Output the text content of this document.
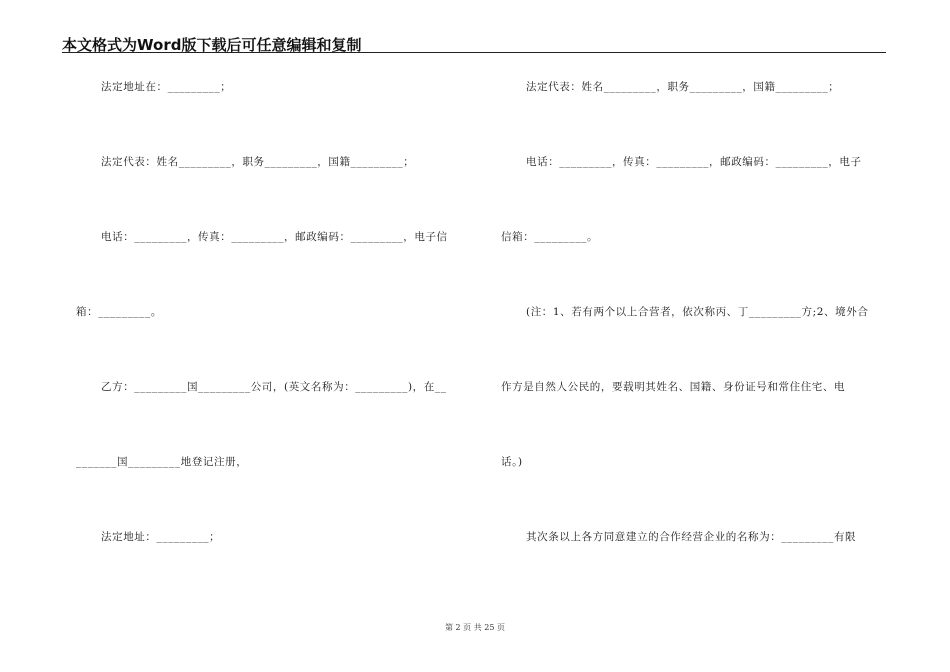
本文格式为Word版下载后可任意编辑和复制
法定地址在：_________；
法定代表：姓名_________，职务_________，国籍_________；
电话：_________，传真：_________，邮政编码：_________，电子信
箱：_________。
乙方：_________国_________公司，(英文名称为：_________)，在__
_______国_________地登记注册，
法定地址：_________；
法定代表：姓名_________，职务_________，国籍_________；
电话：_________，传真：_________，邮政编码：_________，电子
信箱：_________。
(注：1、若有两个以上合营者，依次称丙、丁_________方;2、境外合
作方是自然人公民的，要载明其姓名、国籍、身份证号和常住住宅、电
话。)
其次条以上各方同意建立的合作经营企业的名称为：_________有限
第 2 页 共 25 页
